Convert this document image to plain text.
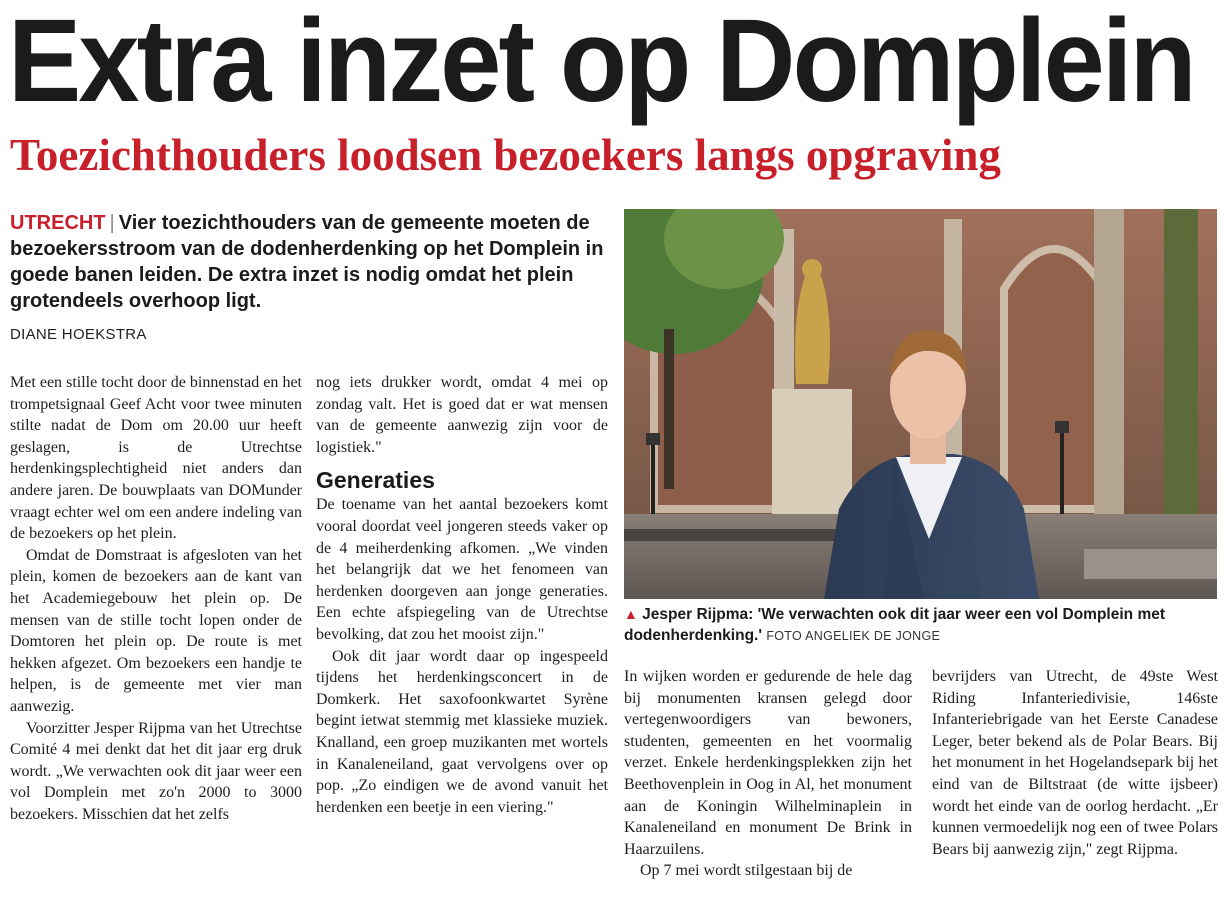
Extra inzet op Domplein
Toezichthouders loodsen bezoekers langs opgraving

UTRECHT | Vier toezichthouders van de gemeente moeten de bezoekersstroom van de dodenherdenking op het Domplein in goede banen leiden. De extra inzet is nodig omdat het plein grotendeels overhoop ligt.

DIANE HOEKSTRA

Met een stille tocht door de binnenstad en het trompetsignaal Geef Acht voor twee minuten stilte nadat de Dom om 20.00 uur heeft geslagen, is de Utrechtse herdenkingsplechtigheid niet anders dan andere jaren. De bouwplaats van DOMunder vraagt echter wel om een andere indeling van de bezoekers op het plein.

Omdat de Domstraat is afgesloten van het plein, komen de bezoekers aan de kant van het Academiegebouw het plein op. De mensen van de stille tocht lopen onder de Domtoren het plein op. De route is met hekken afgezet. Om bezoekers een handje te helpen, is de gemeente met vier man aanwezig.

Voorzitter Jesper Rijpma van het Utrechtse Comité 4 mei denkt dat het dit jaar erg druk wordt. „We verwachten ook dit jaar weer een vol Domplein met zo'n 2000 to 3000 bezoekers. Misschien dat het zelfs

nog iets drukker wordt, omdat 4 mei op zondag valt. Het is goed dat er wat mensen van de gemeente aanwezig zijn voor de logistiek."

Generaties

De toename van het aantal bezoekers komt vooral doordat veel jongeren steeds vaker op de 4 meiherdenking afkomen. „We vinden het belangrijk dat we het fenomeen van herdenken doorgeven aan jonge generaties. Een echte afspiegeling van de Utrechtse bevolking, dat zou het mooist zijn."

Ook dit jaar wordt daar op ingespeeld tijdens het herdenkingsconcert in de Domkerk. Het saxofoonkwartet Syrène begint ietwat stemmig met klassieke muziek. Knalland, een groep muzikanten met wortels in Kanaleneiland, gaat vervolgens over op pop. „Zo eindigen we de avond vanuit het herdenken een beetje in een viering."

▲ Jesper Rijpma: 'We verwachten ook dit jaar weer een vol Domplein met dodenherdenking.' FOTO ANGELIEK DE JONGE

In wijken worden er gedurende de hele dag bij monumenten kransen gelegd door vertegenwoordigers van bewoners, studenten, gemeenten en het voormalig verzet. Enkele herdenkingsplekken zijn het Beethovenplein in Oog in Al, het monument aan de Koningin Wilhelminaplein in Kanaleneiland en monument De Brink in Haarzuilens.

Op 7 mei wordt stilgestaan bij de

bevrijders van Utrecht, de 49ste West Riding Infanteriedivisie, 146ste Infanteriebrigade van het Eerste Canadese Leger, beter bekend als de Polar Bears. Bij het monument in het Hogelandsepark bij het eind van de Biltstraat (de witte ijsbeer) wordt het einde van de oorlog herdacht. „Er kunnen vermoedelijk nog een of twee Polars Bears bij aanwezig zijn," zegt Rijpma.
